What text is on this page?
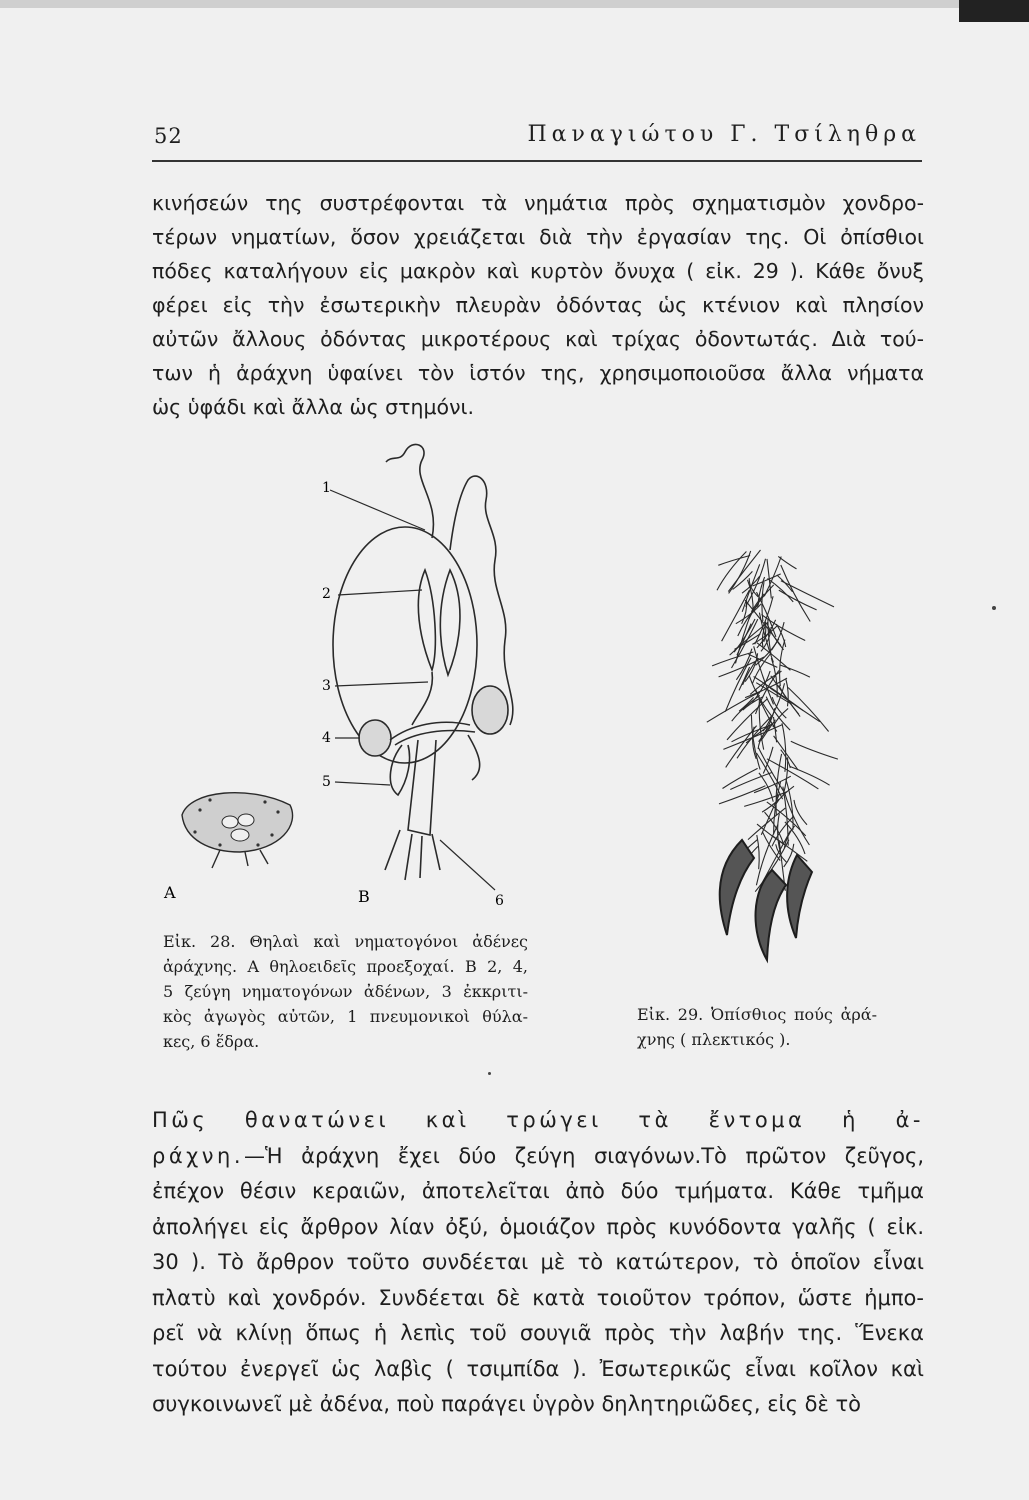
52	Παναγιώτου Γ. Τσίληθρα

κινήσεών της συστρέφονται τὰ νημάτια πρὸς σχηματισμὸν χονδρο-
τέρων νηματίων, ὅσον χρειάζεται διὰ τὴν ἐργασίαν της. Οἱ ὀπίσθιοι
πόδες καταλήγουν εἰς μακρὸν καὶ κυρτὸν ὄνυχα ( εἰκ. 29 ). Κάθε ὄνυξ
φέρει εἰς τὴν ἐσωτερικὴν πλευρὰν ὀδόντας ὡς κτένιον καὶ πλησίον
αὐτῶν ἄλλους ὀδόντας μικροτέρους καὶ τρίχας ὀδοντωτάς. Διὰ τού-
των ἡ ἀράχνη ὑφαίνει τὸν ἱστόν της, χρησιμοποιοῦσα ἄλλα νήματα
ὡς ὑφάδι καὶ ἄλλα ὡς στημόνι.

1
2
3
4
5
6
A	B
Εἰκ. 28. Θηλαὶ καὶ νηματογόνοι ἀδένες
ἀράχνης. Α θηλοειδεῖς προεξοχαί. Β 2, 4,
5 ζεύγη νηματογόνων ἀδένων, 3 ἐκκριτι-
κὸς ἀγωγὸς αὐτῶν, 1 πνευμονικοὶ θύλα-
κες, 6 ἕδρα.
Εἰκ. 29. Ὀπίσθιος πούς ἀρά-
χνης ( πλεκτικός ).

Πῶς θανατώνει καὶ τρώγει τὰ ἔντομα ἡ ἀ-
ράχνη.—Ἡ ἀράχνη ἔχει δύο ζεύγη σιαγόνων.Τὸ πρῶτον ζεῦγος,
ἐπέχον θέσιν κεραιῶν, ἀποτελεῖται ἀπὸ δύο τμήματα. Κάθε τμῆμα
ἀπολήγει εἰς ἄρθρον λίαν ὀξύ, ὁμοιάζον πρὸς κυνόδοντα γαλῆς ( εἰκ.
30 ). Τὸ ἄρθρον τοῦτο συνδέεται μὲ τὸ κατώτερον, τὸ ὁποῖον εἶναι
πλατὺ καὶ χονδρόν. Συνδέεται δὲ κατὰ τοιοῦτον τρόπον, ὥστε ἠμπο-
ρεῖ νὰ κλίνῃ ὅπως ἡ λεπὶς τοῦ σουγιᾶ πρὸς τὴν λαβήν της. Ἕνεκα
τούτου ἐνεργεῖ ὡς λαβὶς ( τσιμπίδα ). Ἐσωτερικῶς εἶναι κοῖλον καὶ
συγκοινωνεῖ μὲ ἀδένα, ποὺ παράγει ὑγρὸν δηλητηριῶδες, εἰς δὲ τὸ
